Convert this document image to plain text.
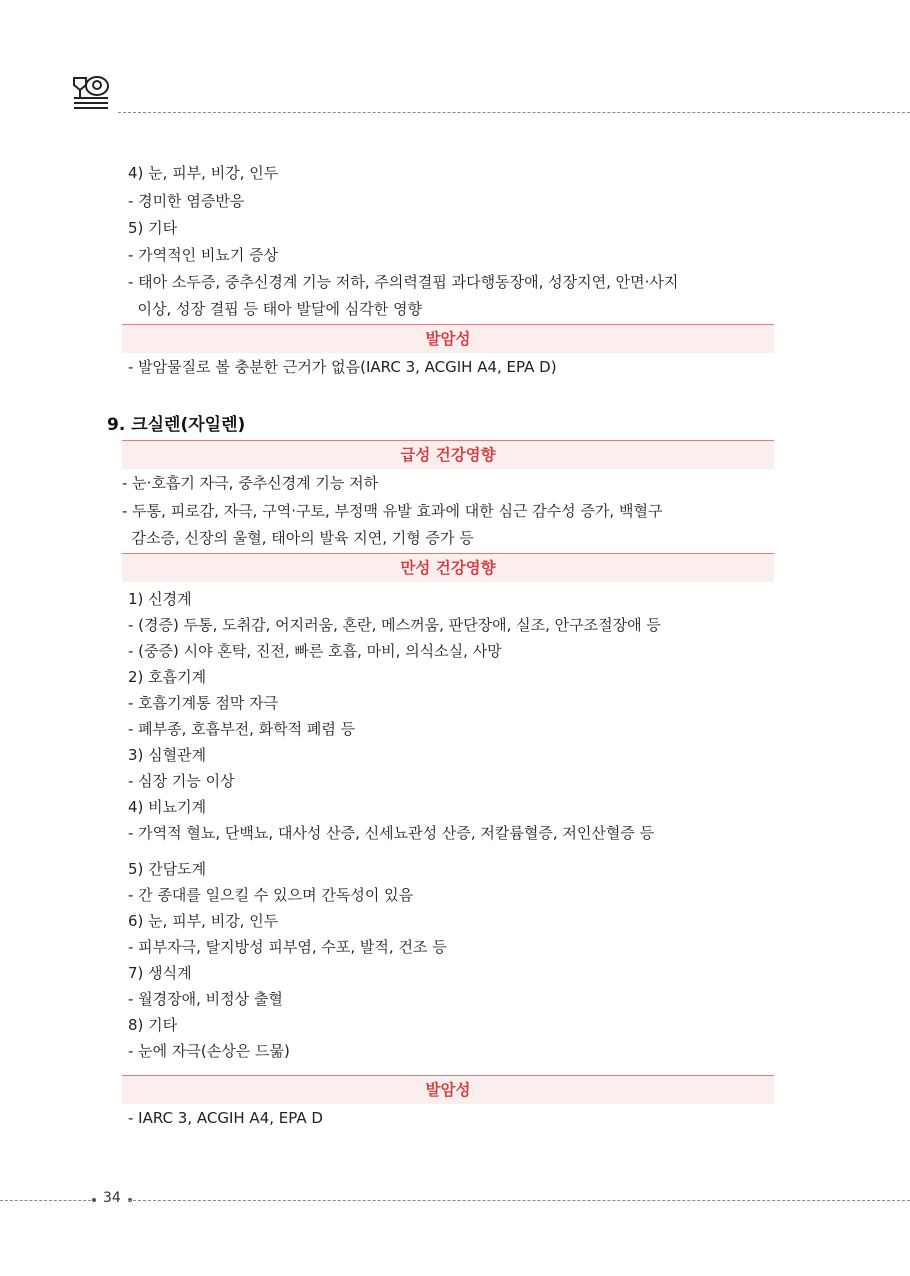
4) 눈, 피부, 비강, 인두
- 경미한 염증반응
5) 기타
- 가역적인 비뇨기 증상
- 태아 소두증, 중추신경계 기능 저하, 주의력결핍 과다행동장애, 성장지연, 안면·사지
이상, 성장 결핍 등 태아 발달에 심각한 영향
발암성
- 발암물질로 볼 충분한 근거가 없음(IARC 3, ACGIH A4, EPA D)
9. 크실렌(자일렌)
급성 건강영향
- 눈·호흡기 자극, 중추신경계 기능 저하
- 두통, 피로감, 자극, 구역·구토, 부정맥 유발 효과에 대한 심근 감수성 증가, 백혈구
감소증, 신장의 울혈, 태아의 발육 지연, 기형 증가 등
만성 건강영향
1) 신경계
- (경증) 두통, 도취감, 어지러움, 혼란, 메스꺼움, 판단장애, 실조, 안구조절장애 등
- (중증) 시야 혼탁, 진전, 빠른 호흡, 마비, 의식소실, 사망
2) 호흡기계
- 호흡기계통 점막 자극
- 폐부종, 호흡부전, 화학적 폐렴 등
3) 심혈관계
- 심장 기능 이상
4) 비뇨기계
- 가역적 혈뇨, 단백뇨, 대사성 산증, 신세뇨관성 산증, 저칼륨혈증, 저인산혈증 등
5) 간담도계
- 간 종대를 일으킬 수 있으며 간독성이 있음
6) 눈, 피부, 비강, 인두
- 피부자극, 탈지방성 피부염, 수포, 발적, 건조 등
7) 생식계
- 월경장애, 비정상 출혈
8) 기타
- 눈에 자극(손상은 드묾)
발암성
- IARC 3, ACGIH A4, EPA D
34
